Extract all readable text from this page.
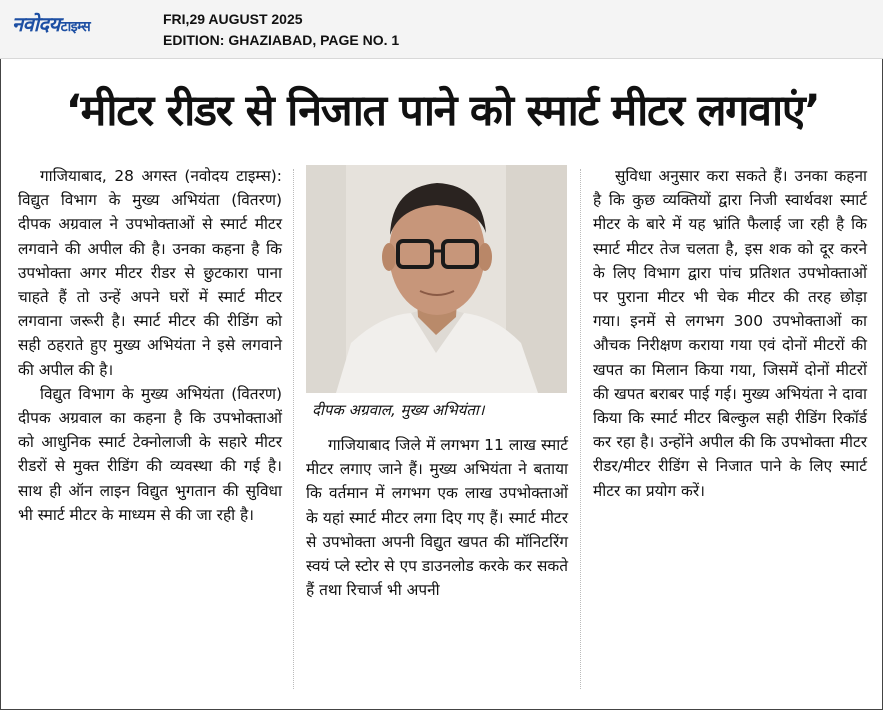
नवोदयटाइम्स	FRI,29 AUGUST 2025
EDITION: GHAZIABAD, PAGE NO. 1
‘मीटर रीडर से निजात पाने को स्मार्ट मीटर लगवाएं’

गाजियाबाद, 28 अगस्त (नवोदय टाइम्स): विद्युत विभाग के मुख्य अभियंता (वितरण) दीपक अग्रवाल ने उपभोक्ताओं से स्मार्ट मीटर लगवाने की अपील की है। उनका कहना है कि उपभोक्ता अगर मीटर रीडर से छुटकारा पाना चाहते हैं तो उन्हें अपने घरों में स्मार्ट मीटर लगवाना जरूरी है। स्मार्ट मीटर की रीडिंग को सही ठहराते हुए मुख्य अभियंता ने इसे लगवाने की अपील की है।

विद्युत विभाग के मुख्य अभियंता (वितरण) दीपक अग्रवाल का कहना है कि उपभोक्ताओं को आधुनिक स्मार्ट टेक्नोलाजी के सहारे मीटर रीडरों से मुक्त रीडिंग की व्यवस्था की गई है। साथ ही ऑन लाइन विद्युत भुगतान की सुविधा भी स्मार्ट मीटर के माध्यम से की जा रही है।

दीपक अग्रवाल, मुख्य अभियंता।

गाजियाबाद जिले में लगभग 11 लाख स्मार्ट मीटर लगाए जाने हैं। मुख्य अभियंता ने बताया कि वर्तमान में लगभग एक लाख उपभोक्ताओं के यहां स्मार्ट मीटर लगा दिए गए हैं। स्मार्ट मीटर से उपभोक्ता अपनी विद्युत खपत की मॉनिटरिंग स्वयं प्ले स्टोर से एप डाउनलोड करके कर सकते हैं तथा रिचार्ज भी अपनी

सुविधा अनुसार करा सकते हैं। उनका कहना है कि कुछ व्यक्तियों द्वारा निजी स्वार्थवश स्मार्ट मीटर के बारे में यह भ्रांति फैलाई जा रही है कि स्मार्ट मीटर तेज चलता है, इस शक को दूर करने के लिए विभाग द्वारा पांच प्रतिशत उपभोक्ताओं पर पुराना मीटर भी चेक मीटर की तरह छोड़ा गया। इनमें से लगभग 300 उपभोक्ताओं का औचक निरीक्षण कराया गया एवं दोनों मीटरों की खपत का मिलान किया गया, जिसमें दोनों मीटरों की खपत बराबर पाई गई। मुख्य अभियंता ने दावा किया कि स्मार्ट मीटर बिल्कुल सही रीडिंग रिकॉर्ड कर रहा है। उन्होंने अपील की कि उपभोक्ता मीटर रीडर/मीटर रीडिंग से निजात पाने के लिए स्मार्ट मीटर का प्रयोग करें।
